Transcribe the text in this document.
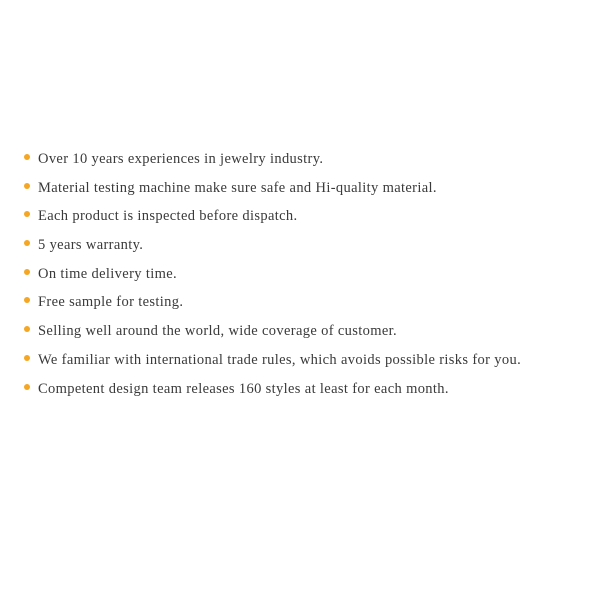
Over 10 years experiences in jewelry industry.
Material testing machine make sure safe and Hi-quality material.
Each product is inspected before dispatch.
5 years warranty.
On time delivery time.
Free sample for testing.
Selling well around the world, wide coverage of customer.
We familiar with international trade rules, which avoids possible risks for you.
Competent design team releases 160 styles at least for each month.
